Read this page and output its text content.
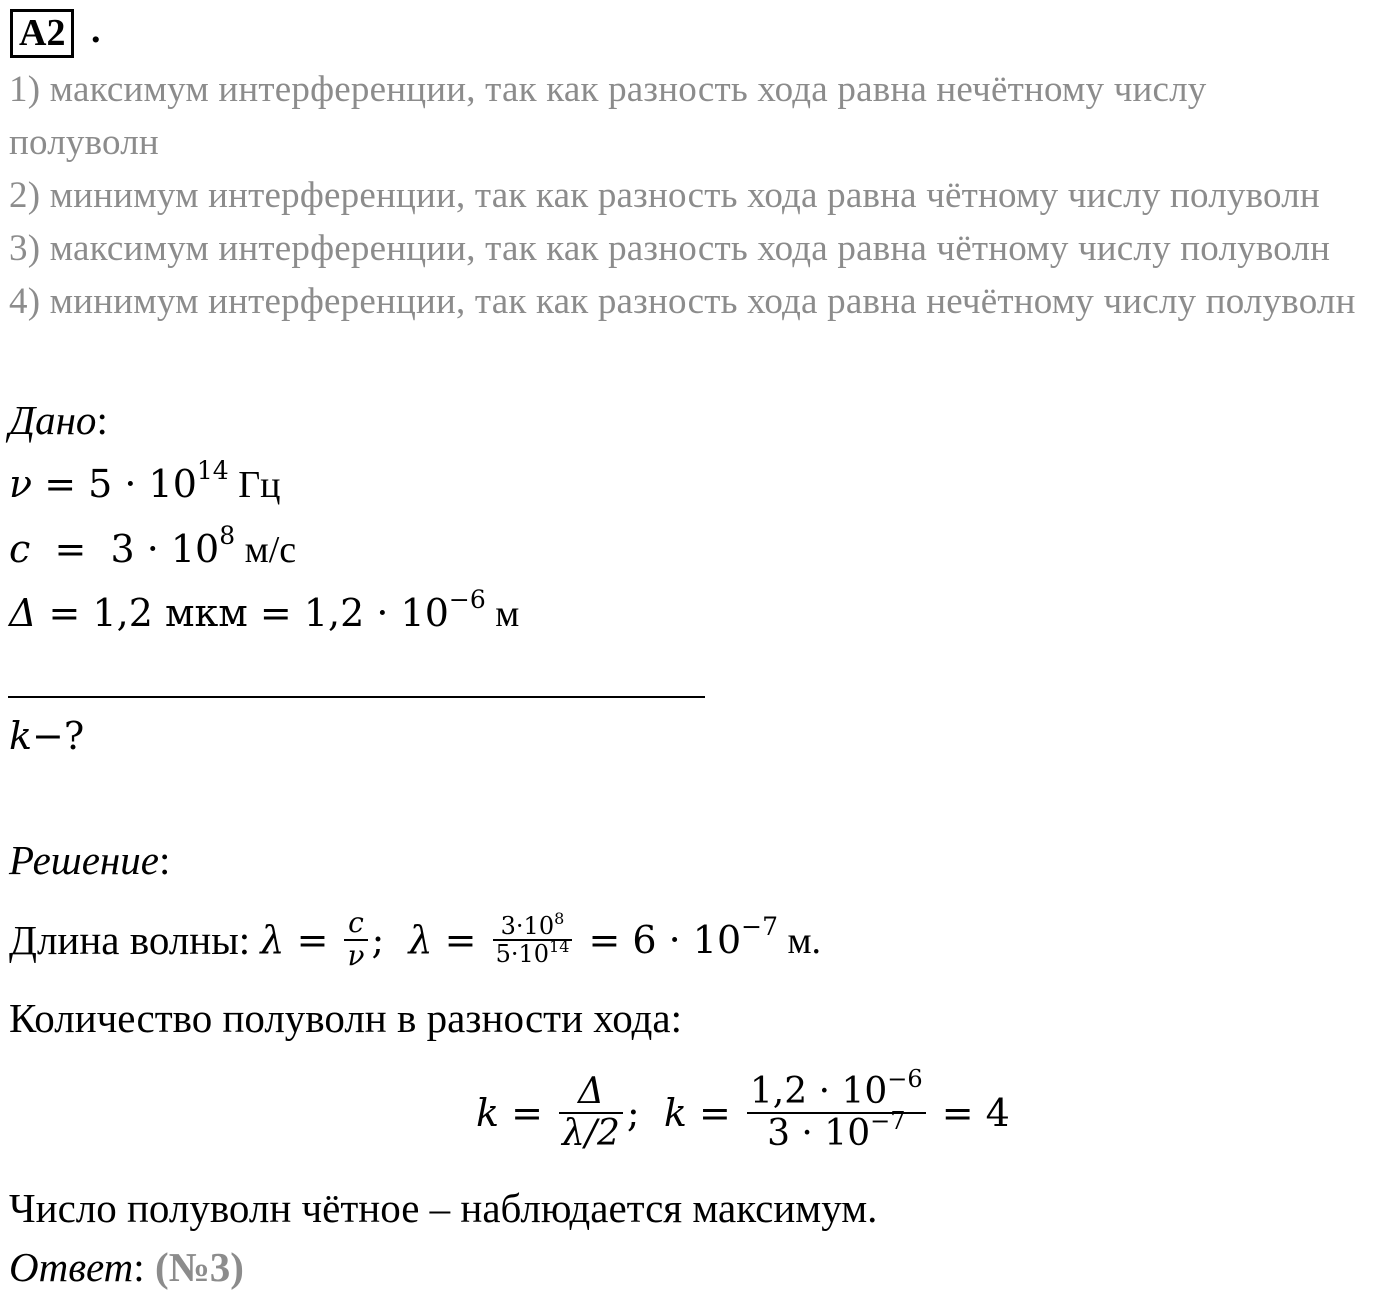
A2 .
1) максимум интерференции, так как разность хода равна нечётному числу
полуволн
2) минимум интерференции, так как разность хода равна чётному числу полуволн
3) максимум интерференции, так как разность хода равна чётному числу полуволн
4) минимум интерференции, так как разность хода равна нечётному числу полуволн
Дано:
$\nu = 5 \cdot 10^{14}$ Гц
$c = 3 \cdot 10^8$ м/с
Δ = 1,2 мкм = $1,2 \cdot 10^{-6}$ м
k−?
Решение:
Длина волны: $\lambda = \frac{c}{\nu}$ ; $\lambda = \frac{3\cdot 10^8}{5\cdot 10^{14}} = 6 \cdot 10^{-7}$ м.
Количество полуволн в разности хода:
$k = \frac{\Delta}{\lambda/2}$ ; $k = \frac{1,2 \cdot 10^{-6}}{3 \cdot 10^{-7}} = 4$
Число полуволн чётное – наблюдается максимум.
Ответ: (№3)
